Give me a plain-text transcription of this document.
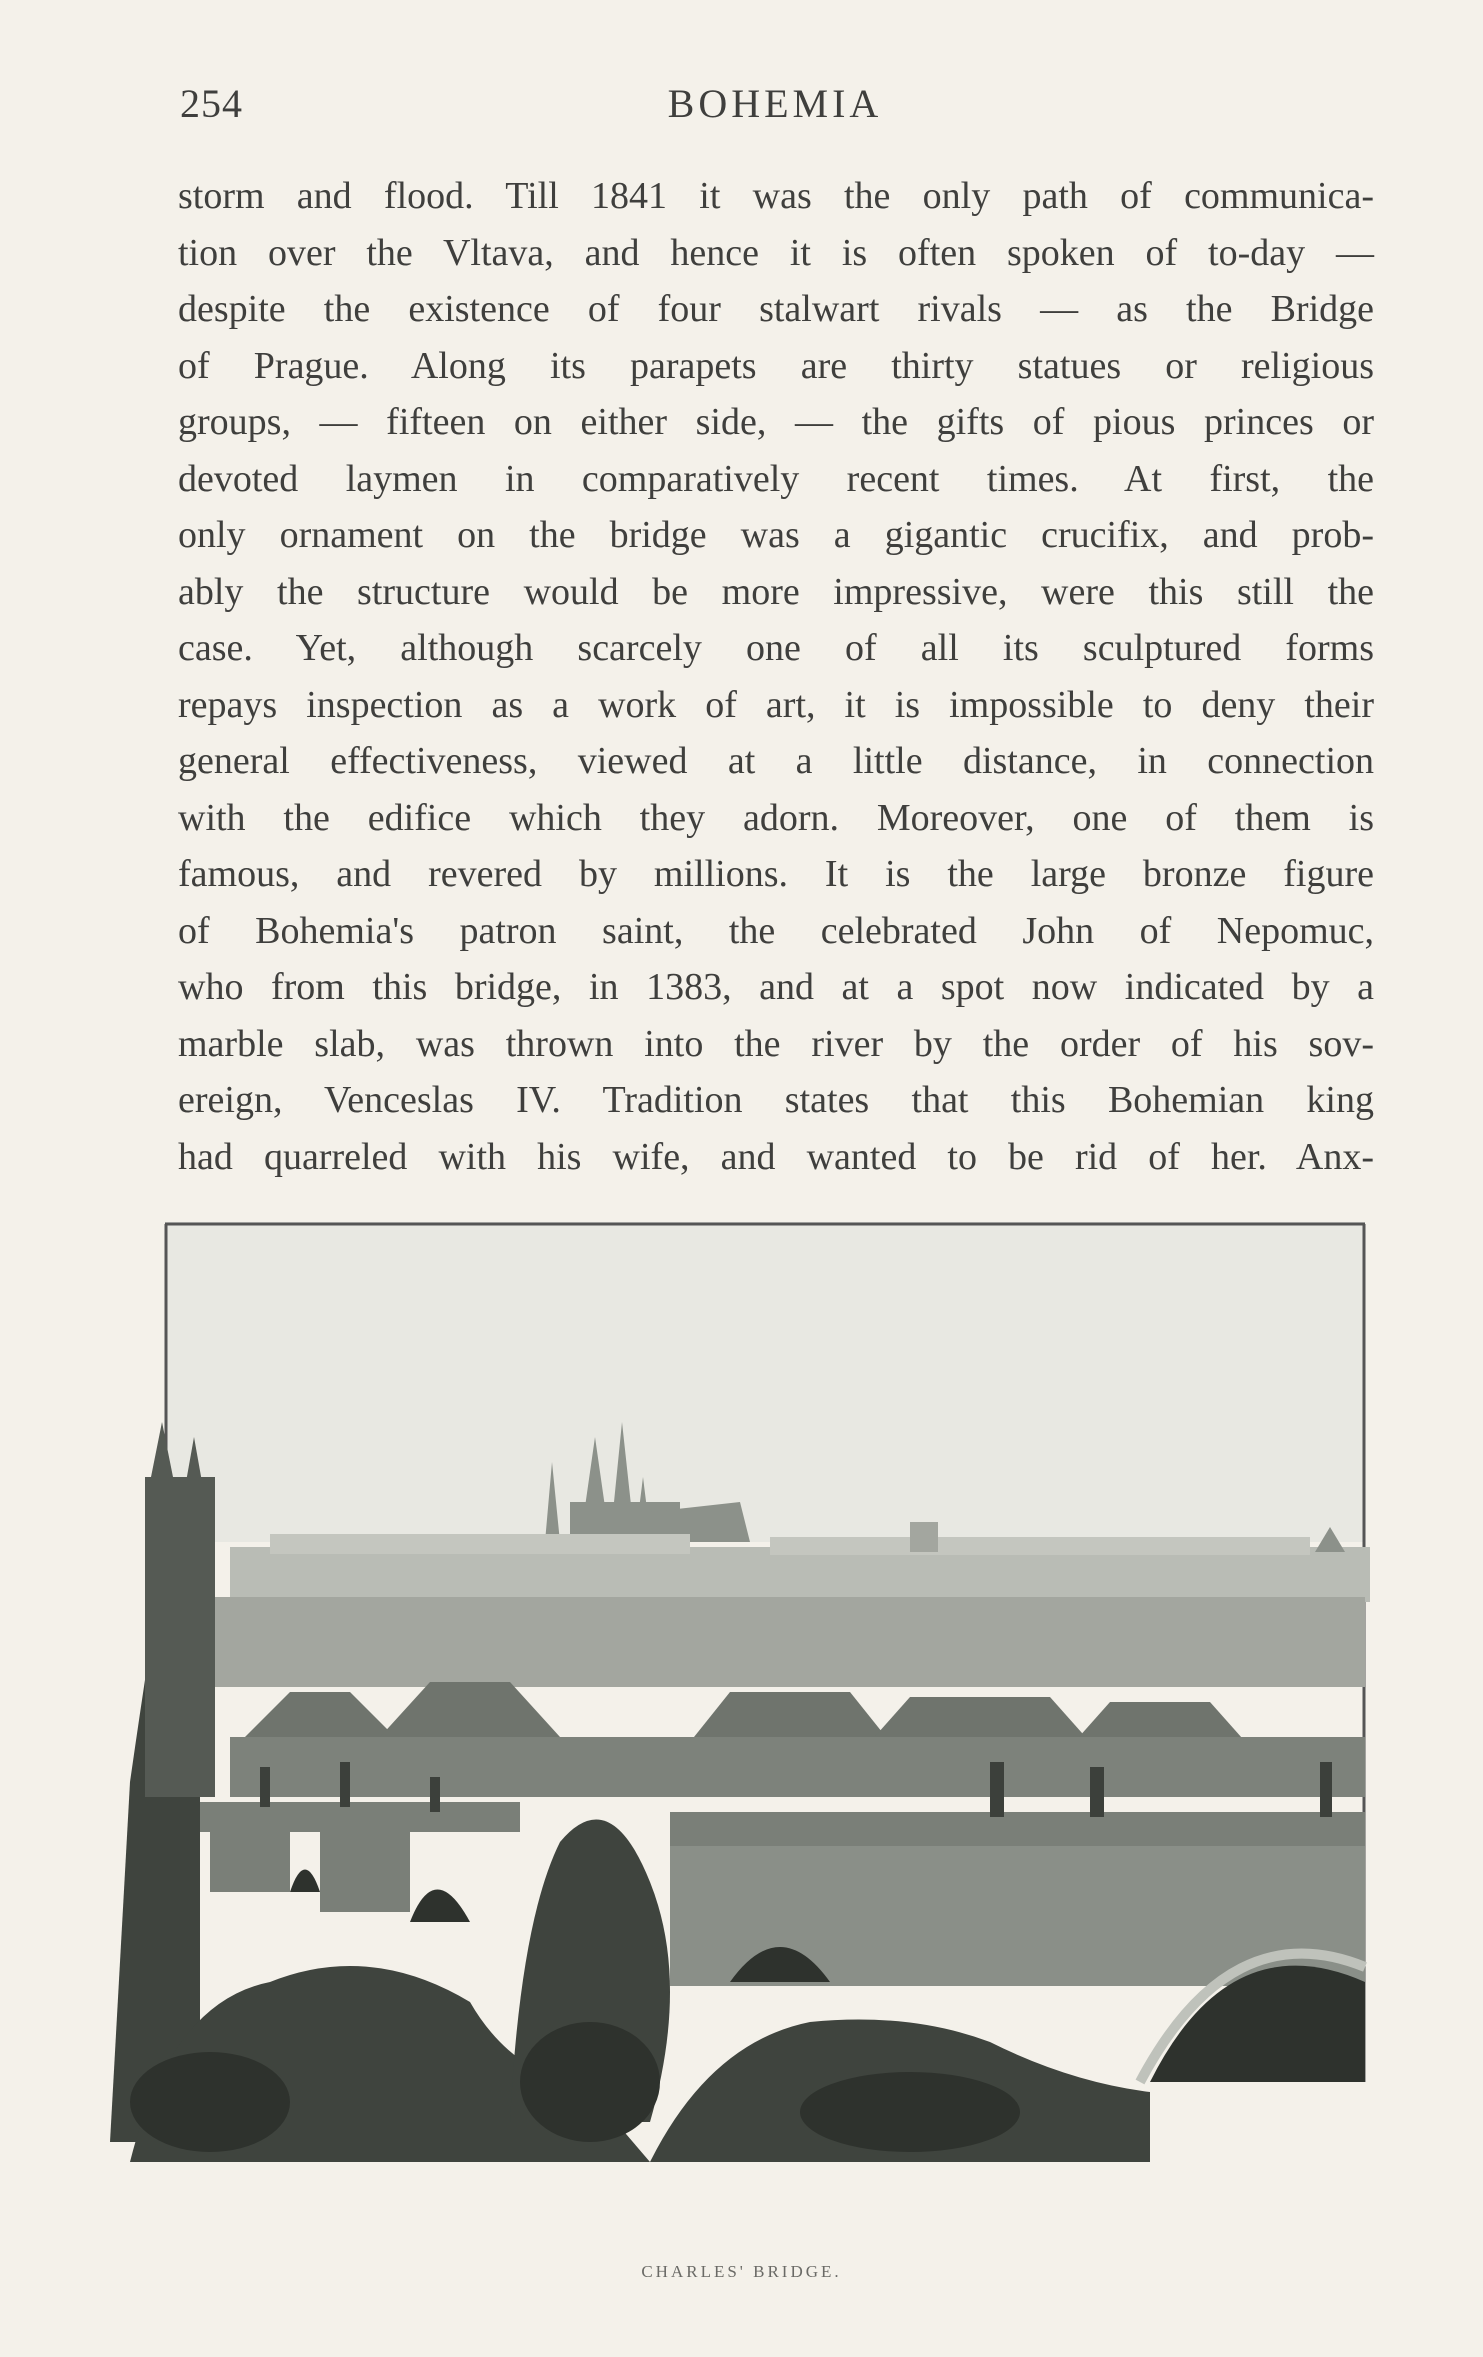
254	BOHEMIA
storm and flood. Till 1841 it was the only path of communica-
tion over the Vltava, and hence it is often spoken of to-day —
despite the existence of four stalwart rivals — as the Bridge
of Prague. Along its parapets are thirty statues or religious
groups, — fifteen on either side, — the gifts of pious princes or
devoted laymen in comparatively recent times. At first, the
only ornament on the bridge was a gigantic crucifix, and prob-
ably the structure would be more impressive, were this still the
case. Yet, although scarcely one of all its sculptured forms
repays inspection as a work of art, it is impossible to deny their
general effectiveness, viewed at a little distance, in connection
with the edifice which they adorn. Moreover, one of them is
famous, and revered by millions. It is the large bronze figure
of Bohemia's patron saint, the celebrated John of Nepomuc,
who from this bridge, in 1383, and at a spot now indicated by a
marble slab, was thrown into the river by the order of his sov-
ereign, Venceslas IV. Tradition states that this Bohemian king
had quarreled with his wife, and wanted to be rid of her. Anx-
CHARLES' BRIDGE.
